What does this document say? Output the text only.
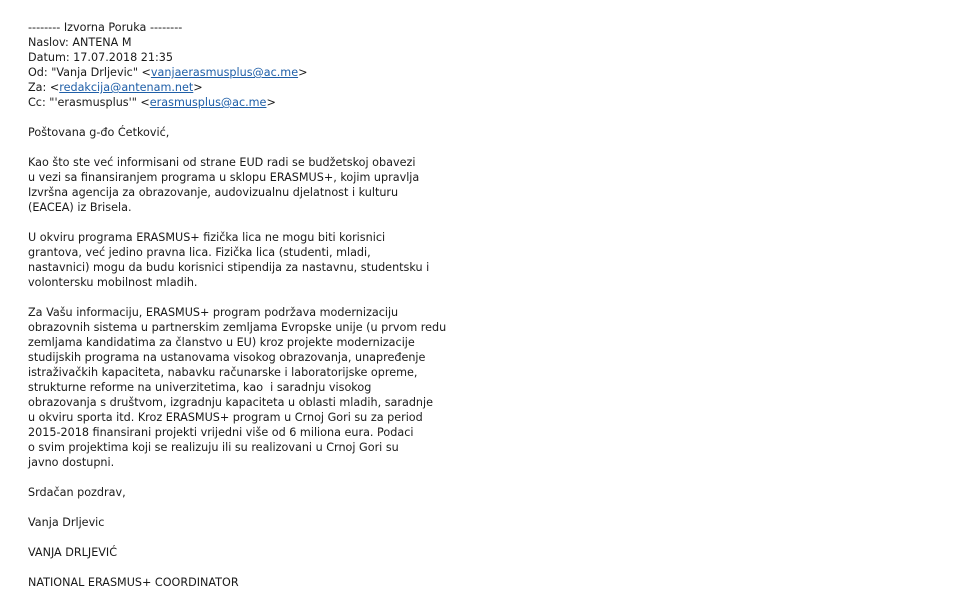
-------- Izvorna Poruka --------
Naslov: ANTENA M
Datum: 17.07.2018 21:35
Od: "Vanja Drljevic" <vanjaerasmusplus@ac.me>
Za: <redakcija@antenam.net>
Cc: "'erasmusplus'" <erasmusplus@ac.me>
Poštovana g-đo Ćetković,
Kao što ste već informisani od strane EUD radi se budžetskoj obavezi
u vezi sa finansiranjem programa u sklopu ERASMUS+, kojim upravlja
Izvršna agencija za obrazovanje, audovizualnu djelatnost i kulturu
(EACEA) iz Brisela.
U okviru programa ERASMUS+ fizička lica ne mogu biti korisnici
grantova, već jedino pravna lica. Fizička lica (studenti, mladi,
nastavnici) mogu da budu korisnici stipendija za nastavnu, studentsku i
volontersku mobilnost mladih.
Za Vašu informaciju, ERASMUS+ program podržava modernizaciju
obrazovnih sistema u partnerskim zemljama Evropske unije (u prvom redu
zemljama kandidatima za članstvo u EU) kroz projekte modernizacije
studijskih programa na ustanovama visokog obrazovanja, unapređenje
istraživačkih kapaciteta, nabavku računarske i laboratorijske opreme,
strukturne reforme na univerzitetima, kao  i saradnju visokog
obrazovanja s društvom, izgradnju kapaciteta u oblasti mladih, saradnje
u okviru sporta itd. Kroz ERASMUS+ program u Crnoj Gori su za period
2015-2018 finansirani projekti vrijedni više od 6 miliona eura. Podaci
o svim projektima koji se realizuju ili su realizovani u Crnoj Gori su
javno dostupni.
Srdačan pozdrav,
Vanja Drljevic
VANJA DRLJEVIĆ
NATIONAL ERASMUS+ COORDINATOR
